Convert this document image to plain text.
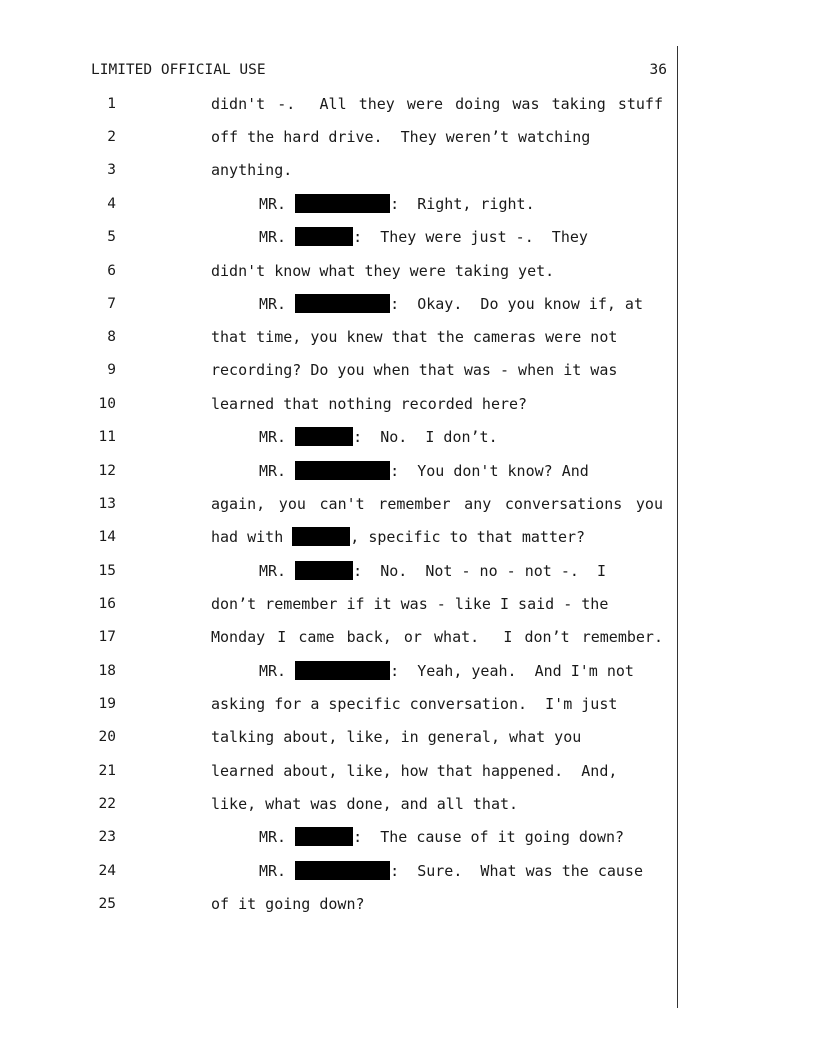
LIMITED OFFICIAL USE	36
1	didn't -.  All they were doing was taking stuff
2	off the hard drive.  They weren’t watching
3	anything.
4	MR.	:  Right, right.
5	MR.	:  They were just -.  They
6	didn't know what they were taking yet.
7	MR.	:  Okay.  Do you know if, at
8	that time, you knew that the cameras were not
9	recording? Do you when that was - when it was
10	learned that nothing recorded here?
11	MR.	:  No.  I don’t.
12	MR.	:  You don't know? And
13	again, you can't remember any conversations you
14	had with	, specific to that matter?
15	MR.	:  No.  Not - no - not -.  I
16	don’t remember if it was - like I said - the
17	Monday I came back, or what.  I don’t remember.
18	MR.	:  Yeah, yeah.  And I'm not
19	asking for a specific conversation.  I'm just
20	talking about, like, in general, what you
21	learned about, like, how that happened.  And,
22	like, what was done, and all that.
23	MR.	:  The cause of it going down?
24	MR.	:  Sure.  What was the cause
25	of it going down?
